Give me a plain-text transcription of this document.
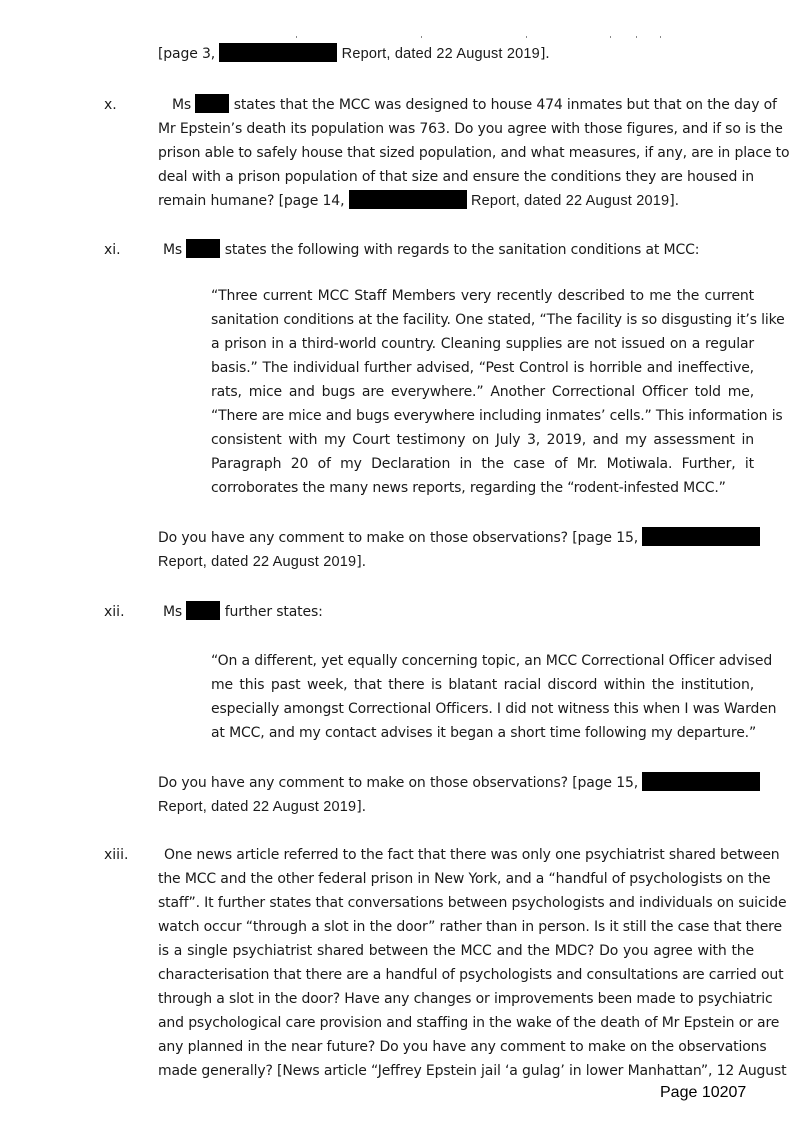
[page 3,	Report, dated 22 August 2019].
x.	Ms	states that the MCC was designed to house 474 inmates but that on the day of
Mr Epstein’s death its population was 763. Do you agree with those figures, and if so is the
prison able to safely house that sized population, and what measures, if any, are in place to
deal with a prison population of that size and ensure the conditions they are housed in
remain humane? [page 14,	Report, dated 22 August 2019].
xi.	Ms	states the following with regards to the sanitation conditions at MCC:
“Three current MCC Staff Members very recently described to me the current
sanitation conditions at the facility. One stated, “The facility is so disgusting it’s like
a prison in a third-world country. Cleaning supplies are not issued on a regular
basis.” The individual further advised, “Pest Control is horrible and ineffective,
rats, mice and bugs are everywhere.” Another Correctional Officer told me,
“There are mice and bugs everywhere including inmates’ cells.” This information is
consistent with my Court testimony on July 3, 2019, and my assessment in
Paragraph 20 of my Declaration in the case of Mr. Motiwala. Further, it
corroborates the many news reports, regarding the “rodent-infested MCC.”
Do you have any comment to make on those observations? [page 15,
Report, dated 22 August 2019].
xii.	Ms	further states:
“On a different, yet equally concerning topic, an MCC Correctional Officer advised
me this past week, that there is blatant racial discord within the institution,
especially amongst Correctional Officers. I did not witness this when I was Warden
at MCC, and my contact advises it began a short time following my departure.”
Do you have any comment to make on those observations? [page 15,
Report, dated 22 August 2019].
xiii.	One news article referred to the fact that there was only one psychiatrist shared between
the MCC and the other federal prison in New York, and a “handful of psychologists on the
staff”. It further states that conversations between psychologists and individuals on suicide
watch occur “through a slot in the door” rather than in person. Is it still the case that there
is a single psychiatrist shared between the MCC and the MDC? Do you agree with the
characterisation that there are a handful of psychologists and consultations are carried out
through a slot in the door? Have any changes or improvements been made to psychiatric
and psychological care provision and staffing in the wake of the death of Mr Epstein or are
any planned in the near future? Do you have any comment to make on the observations
made generally? [News article “Jeffrey Epstein jail ‘a gulag’ in lower Manhattan”, 12 August
Page 10207
